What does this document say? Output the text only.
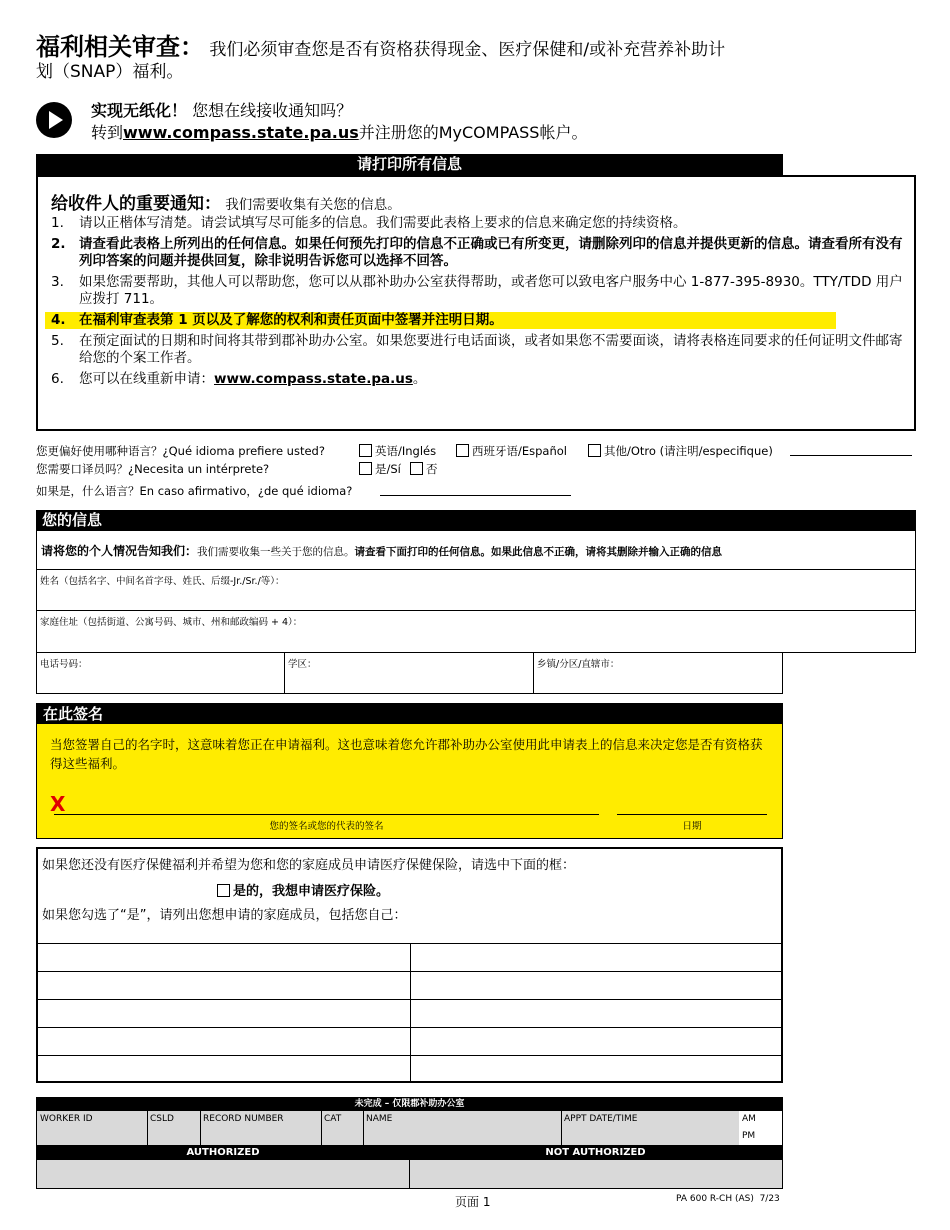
福利相关审查： 我们必须审查您是否有资格获得现金、医疗保健和/或补充营养补助计
划（SNAP）福利。
实现无纸化！ 您想在线接收通知吗？
转到www.compass.state.pa.us并注册您的MyCOMPASS帐户。
请打印所有信息
给收件人的重要通知： 我们需要收集有关您的信息。
1.	请以正楷体写清楚。请尝试填写尽可能多的信息。我们需要此表格上要求的信息来确定您的持续资格。
2. 请查看此表格上所列出的任何信息。如果任何预先打印的信息不正确或已有所变更，请删除列印的信息并提供更新的信息。请查看所有没有列印答案的问题并提供回复，除非说明告诉您可以选择不回答。
3.	如果您需要帮助，其他人可以帮助您，您可以从郡补助办公室获得帮助，或者您可以致电客户服务中心 1-877-395-8930。TTY/TDD 用户应拨打 711。
4. 在福利审查表第 1 页以及了解您的权利和责任页面中签署并注明日期。
5.	在预定面试的日期和时间将其带到郡补助办公室。如果您要进行电话面谈，或者如果您不需要面谈，请将表格连同要求的任何证明文件邮寄给您的个案工作者。
6.	您可以在线重新申请：www.compass.state.pa.us。
您更偏好使用哪种语言？¿Qué idioma prefiere usted?	英语/Inglés	西班牙语/Español	其他/Otro (请注明/especifique)
您需要口译员吗？¿Necesita un intérprete?	是/Sí	否
如果是，什么语言？En caso afirmativo，¿de qué idioma?
您的信息
请将您的个人情况告知我们：我们需要收集一些关于您的信息。请查看下面打印的任何信息。如果此信息不正确，请将其删除并输入正确的信息
姓名（包括名字、中间名首字母、姓氏、后缀-Jr./Sr./等）：
家庭住址（包括街道、公寓号码、城市、州和邮政编码 + 4）：
电话号码：	学区：	乡镇/分区/直辖市：
在此签名
当您签署自己的名字时，这意味着您正在申请福利。这也意味着您允许郡补助办公室使用此申请表上的信息来决定您是否有资格获得这些福利。
X
您的签名或您的代表的签名	日期
如果您还没有医疗保健福利并希望为您和您的家庭成员申请医疗保健保险，请选中下面的框：
是的，我想申请医疗保险。
如果您勾选了“是”，请列出您想申请的家庭成员，包括您自己：
未完成 – 仅限郡补助办公室
WORKER ID	CSLD	RECORD NUMBER	CAT	NAME	APPT DATE/TIME	AM
PM
AUTHORIZED	NOT AUTHORIZED
页面 1	PA 600 R-CH (AS)  7/23
